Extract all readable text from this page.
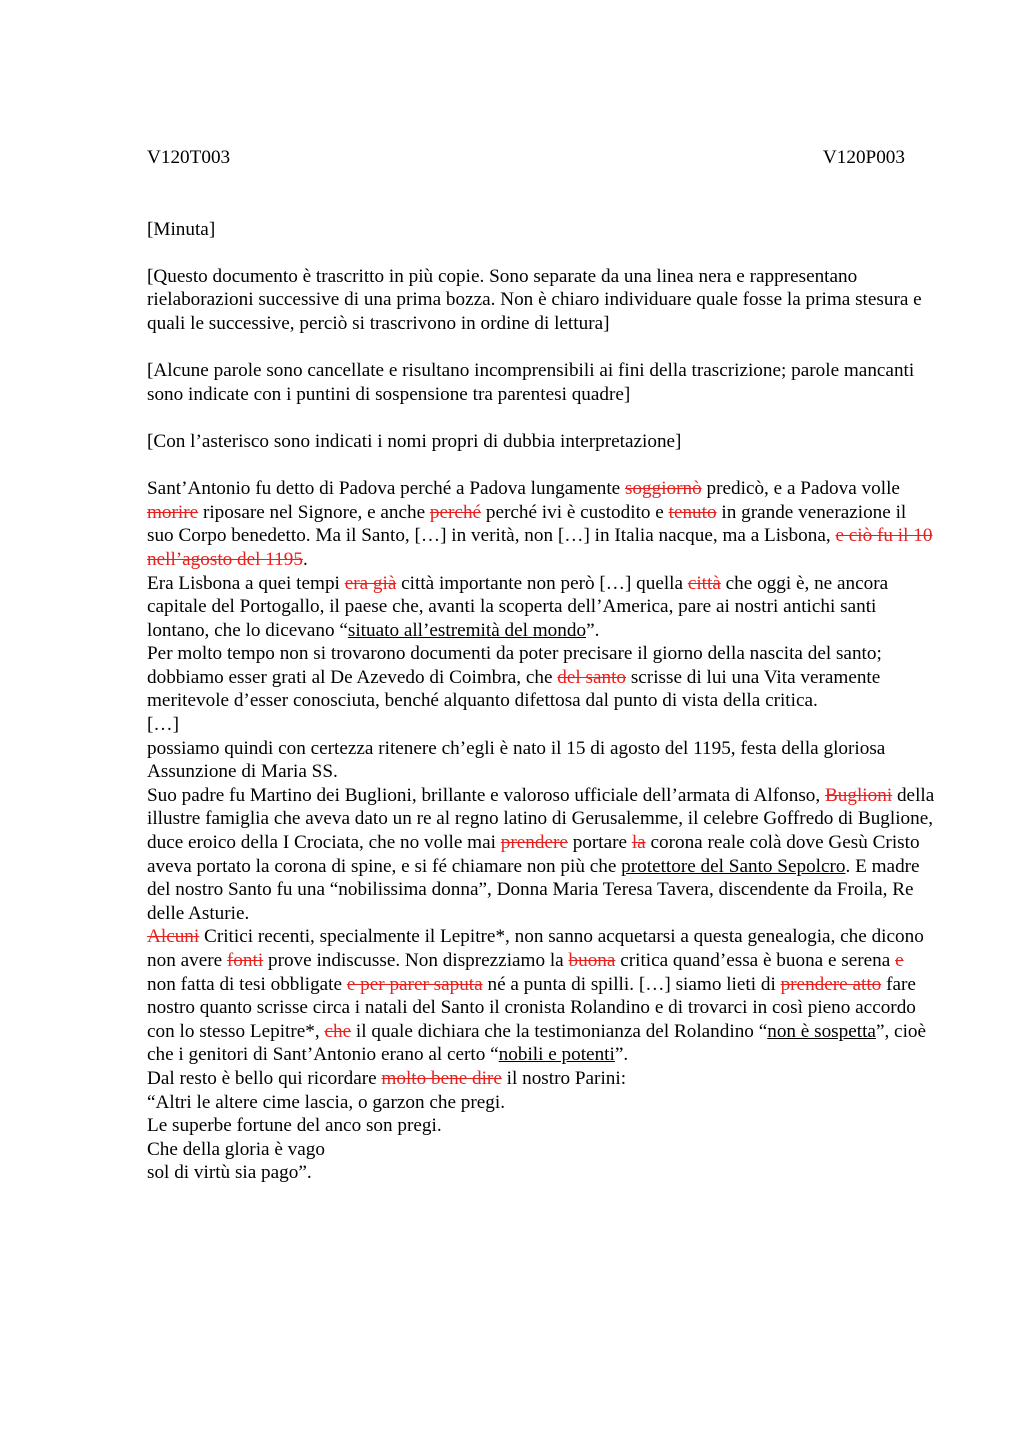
V120T003	V120P003

[Minuta]

[Questo documento è trascritto in più copie. Sono separate da una linea nera e rappresentano rielaborazioni successive di una prima bozza. Non è chiaro individuare quale fosse la prima stesura e quali le successive, perciò si trascrivono in ordine di lettura]

[Alcune parole sono cancellate e risultano incomprensibili ai fini della trascrizione; parole mancanti sono indicate con i puntini di sospensione tra parentesi quadre]

[Con l’asterisco sono indicati i nomi propri di dubbia interpretazione]

Sant’Antonio fu detto di Padova perché a Padova lungamente soggiornò predicò, e a Padova volle morire riposare nel Signore, e anche perché perché ivi è custodito e tenuto in grande venerazione il suo Corpo benedetto. Ma il Santo, […] in verità, non […] in Italia nacque, ma a Lisbona, e ciò fu il 10 nell’agosto del 1195.

Era Lisbona a quei tempi era già città importante non però […] quella città che oggi è, ne ancora capitale del Portogallo, il paese che, avanti la scoperta dell’America, pare ai nostri antichi santi lontano, che lo dicevano “situato all’estremità del mondo”.

Per molto tempo non si trovarono documenti da poter precisare il giorno della nascita del santo; dobbiamo esser grati al De Azevedo di Coimbra, che del santo scrisse di lui una Vita veramente meritevole d’esser conosciuta, benché alquanto difettosa dal punto di vista della critica.

[…]

possiamo quindi con certezza ritenere ch’egli è nato il 15 di agosto del 1195, festa della gloriosa Assunzione di Maria SS.

Suo padre fu Martino dei Buglioni, brillante e valoroso ufficiale dell’armata di Alfonso, Buglioni della illustre famiglia che aveva dato un re al regno latino di Gerusalemme, il celebre Goffredo di Buglione, duce eroico della I Crociata, che no volle mai prendere portare la corona reale colà dove Gesù Cristo aveva portato la corona di spine, e si fé chiamare non più che protettore del Santo Sepolcro. E madre del nostro Santo fu una “nobilissima donna”, Donna Maria Teresa Tavera, discendente da Froila, Re delle Asturie.

Alcuni Critici recenti, specialmente il Lepitre*, non sanno acquetarsi a questa genealogia, che dicono non avere fonti prove indiscusse. Non disprezziamo la buona critica quand’essa è buona e serena e non fatta di tesi obbligate e per parer saputa né a punta di spilli. […] siamo lieti di prendere atto fare nostro quanto scrisse circa i natali del Santo il cronista Rolandino e di trovarci in così pieno accordo con lo stesso Lepitre*, che il quale dichiara che la testimonianza del Rolandino “non è sospetta”, cioè che i genitori di Sant’Antonio erano al certo “nobili e potenti”.

Dal resto è bello qui ricordare molto bene dire il nostro Parini:

“Altri le altere cime lascia, o garzon che pregi.

Le superbe fortune del anco son pregi.

Che della gloria è vago

sol di virtù sia pago”.
